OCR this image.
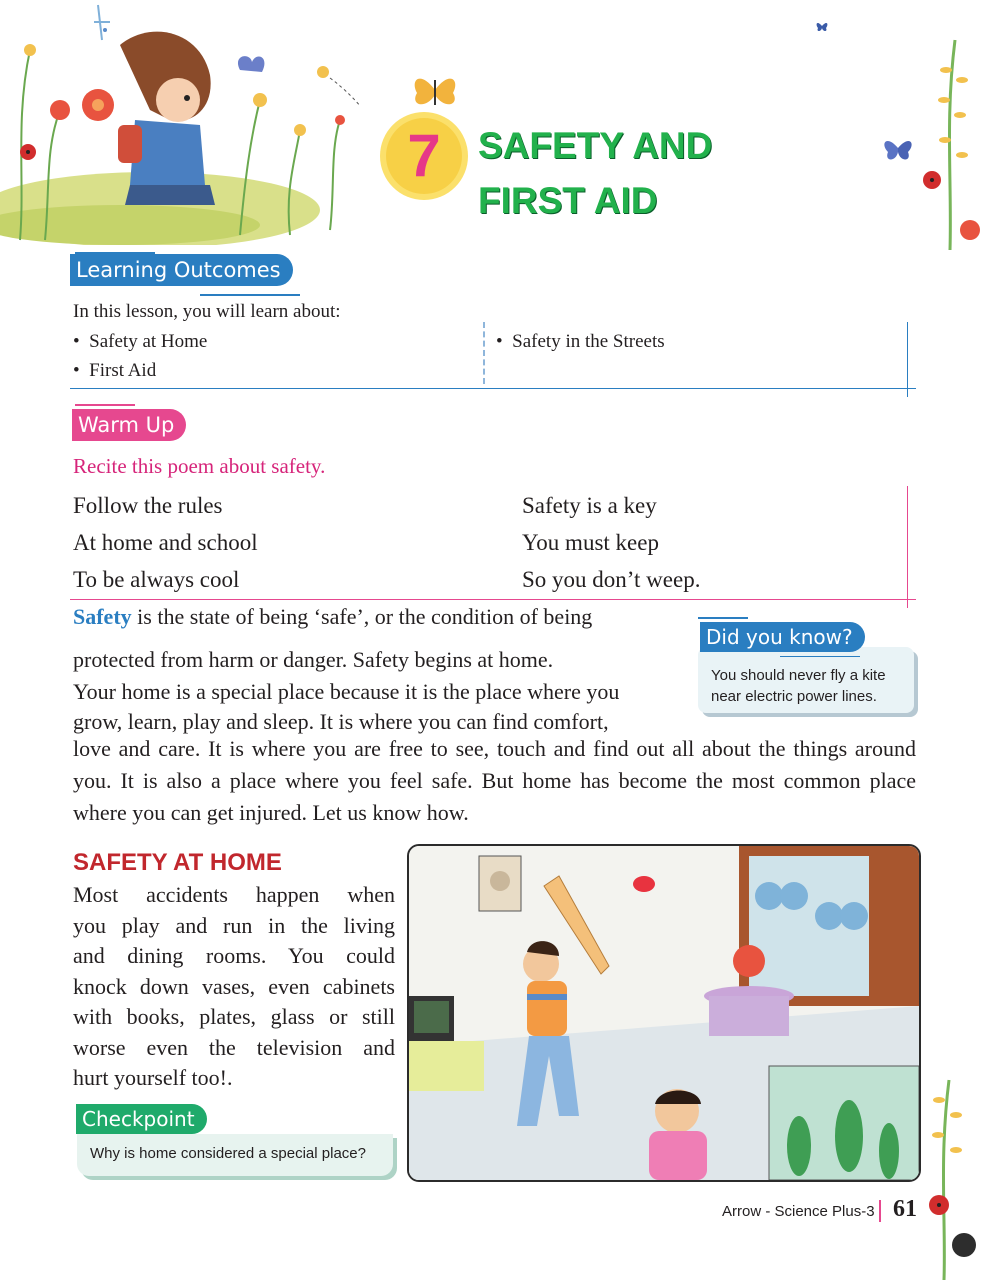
7	SAFETY AND
FIRST AID
Learning Outcomes
In this lesson, you will learn about:
•  Safety at Home
•  First Aid
•  Safety in the Streets
Warm Up
Recite this poem about safety.
Follow the rules
At home and school
To be always cool
Safety is a key
You must keep
So you don’t weep.
Safety is the state of being ‘safe’, or the condition of being
protected from harm or danger. Safety begins at home.
Your home is a special place because it is the place where you
grow, learn, play and sleep. It is where you can find comfort,
love and care. It is where you are free to see, touch and find out all about the things around you. It is also a place where you feel safe. But home has become the most common place where you can get injured. Let us know how.
Did you know?
You should never fly a kite
near electric power lines.
SAFETY AT HOME
Most accidents happen when
you play and run in the living
and dining rooms. You could
knock down vases, even cabinets
with books, plates, glass or still
worse even the television and
hurt yourself too!.
Checkpoint
Why is home considered a special place?
Arrow - Science Plus-3 61
